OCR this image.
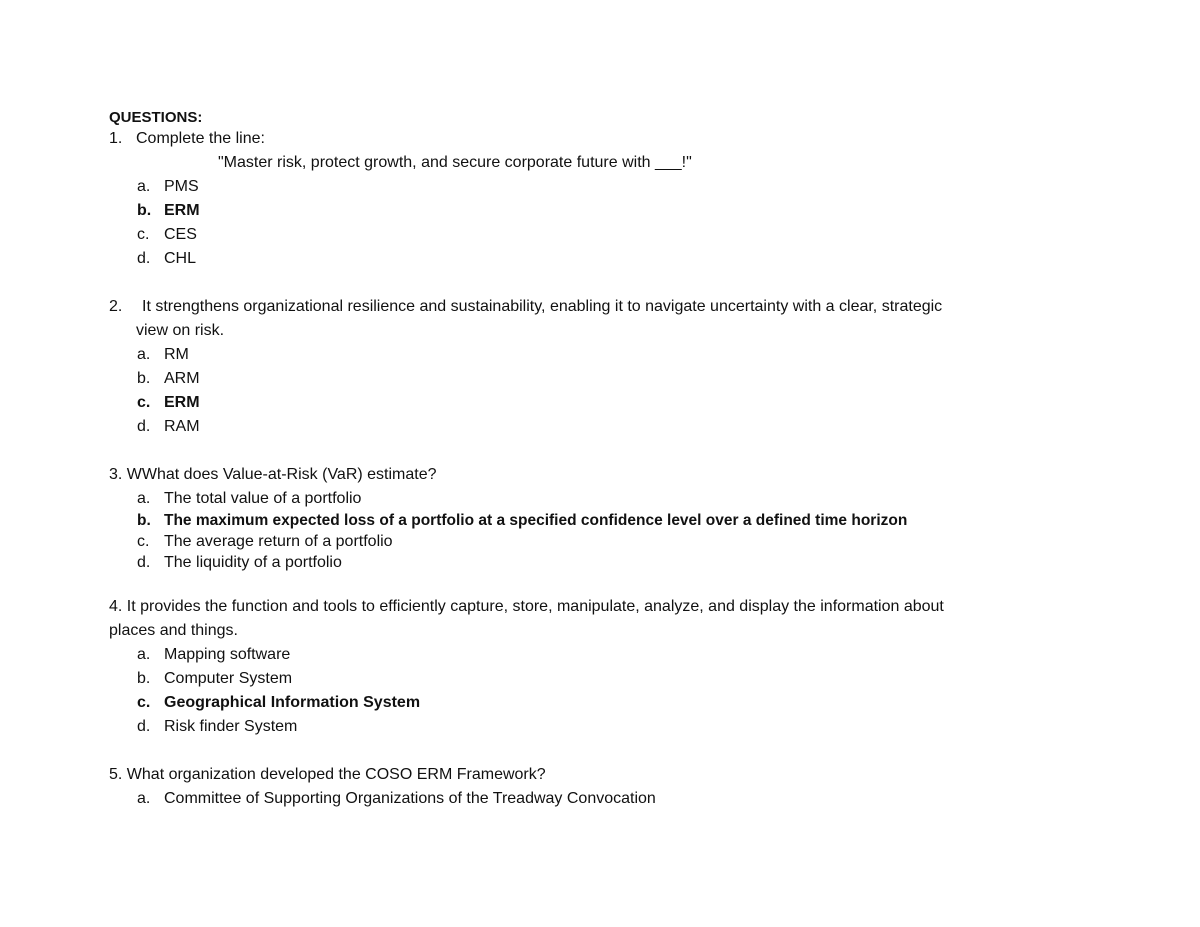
QUESTIONS:
1. Complete the line:
"Master risk, protect growth, and secure corporate future with ___!"
a. PMS
b. ERM
c. CES
d. CHL
2. It strengthens organizational resilience and sustainability, enabling it to navigate uncertainty with a clear, strategic
view on risk.
a. RM
b. ARM
c. ERM
d. RAM
3. WWhat does Value-at-Risk (VaR) estimate?
a. The total value of a portfolio
b. The maximum expected loss of a portfolio at a specified confidence level over a defined time horizon
c. The average return of a portfolio
d. The liquidity of a portfolio
4. It provides the function and tools to efficiently capture, store, manipulate, analyze, and display the information about
places and things.
a. Mapping software
b. Computer System
c. Geographical Information System
d. Risk finder System
5. What organization developed the COSO ERM Framework?
a. Committee of Supporting Organizations of the Treadway Convocation
